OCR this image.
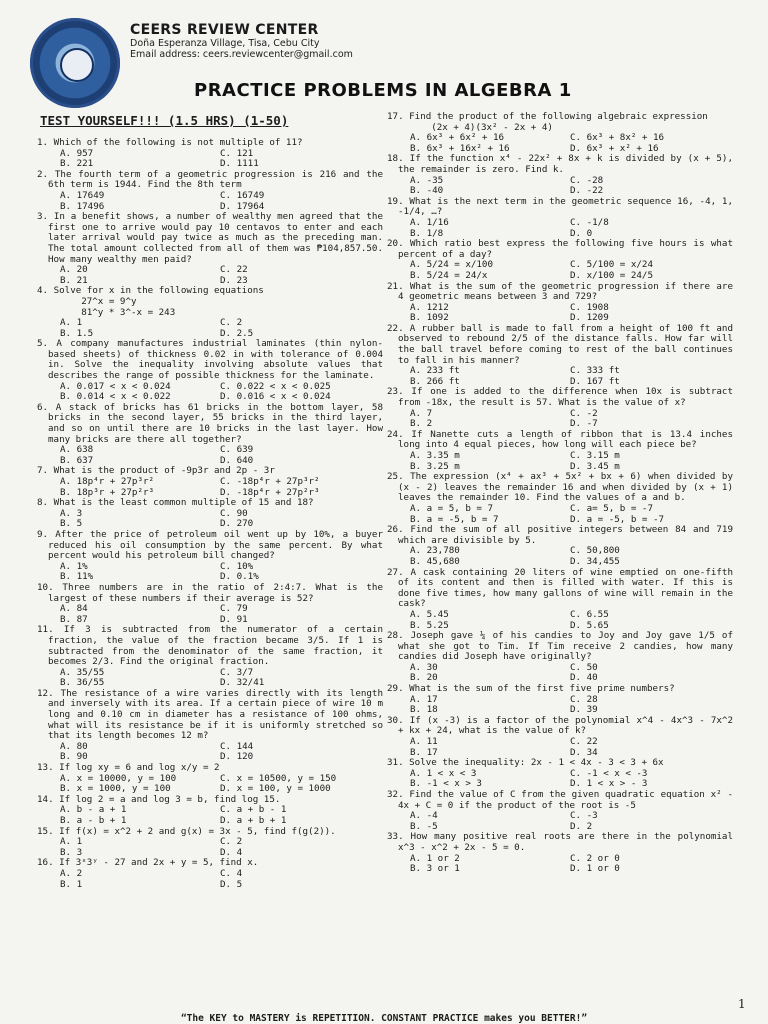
CEERS REVIEW CENTER
Doña Esperanza Village, Tisa, Cebu City
Email address: ceers.reviewcenter@gmail.com
PRACTICE PROBLEMS IN ALGEBRA 1
TEST YOURSELF!!! (1.5 HRS) (1-50)
1. Which of the following is not multiple of 11?
A. 957	C. 121
B. 221	D. 1111
2. The fourth term of a geometric progression is 216 and the 6th term is 1944. Find the 8th term
A. 17649	C. 16749
B. 17496	D. 17964
3. In a benefit shows, a number of wealthy men agreed that the first one to arrive would pay 10 centavos to enter and each later arrival would pay twice as much as the preceding man. The total amount collected from all of them was ₱104,857.50. How many wealthy men paid?
A. 20	C. 22
B. 21	D. 23
4. Solve for x in the following equations
27^x = 9^y
81^y * 3^-x = 243
A. 1	C. 2
B. 1.5	D. 2.5
5. A company manufactures industrial laminates (thin nylon-based sheets) of thickness 0.02 in with tolerance of 0.004 in. Solve the inequality involving absolute values that describes the range of possible thickness for the laminate.
A. 0.017 < x < 0.024	C. 0.022 < x < 0.025
B. 0.014 < x < 0.022	D. 0.016 < x < 0.024
6. A stack of bricks has 61 bricks in the bottom layer, 58 bricks in the second layer, 55 bricks in the third layer, and so on until there are 10 bricks in the last layer. How many bricks are there all together?
A. 638	C. 639
B. 637	D. 640
7. What is the product of -9p3r and 2p - 3r
A. 18p⁴r + 27p³r²	C. -18p⁴r + 27p³r²
B. 18p³r + 27p²r³	D. -18p⁴r + 27p²r³
8. What is the least common multiple of 15 and 18?
A. 3	C. 90
B. 5	D. 270
9. After the price of petroleum oil went up by 10%, a buyer reduced his oil consumption by the same percent. By what percent would his petroleum bill changed?
A. 1%	C. 10%
B. 11%	D. 0.1%
10. Three numbers are in the ratio of 2:4:7. What is the largest of these numbers if their average is 52?
A. 84	C. 79
B. 87	D. 91
11. If 3 is subtracted from the numerator of a certain fraction, the value of the fraction became 3/5. If 1 is subtracted from the denominator of the same fraction, it becomes 2/3. Find the original fraction.
A. 35/55	C. 3/7
B. 36/55	D. 32/41
12. The resistance of a wire varies directly with its length and inversely with its area. If a certain piece of wire 10 m long and 0.10 cm in diameter has a resistance of 100 ohms, what will its resistance be if it is uniformly stretched so that its length becomes 12 m?
A. 80	C. 144
B. 90	D. 120
13. If log xy = 6 and log x/y = 2
A. x = 10000, y = 100	C. x = 10500, y = 150
B. x = 1000, y = 100	D. x = 100, y = 1000
14. If log 2 = a and log 3 = b, find log 15.
A. b - a + 1	C. a + b - 1
B. a - b + 1	D. a + b + 1
15. If f(x) = x^2 + 2 and g(x) = 3x - 5, find f(g(2)).
A. 1	C. 2
B. 3	D. 4
16. If 3ˣ3ʸ - 27 and 2x + y = 5, find x.
A. 2	C. 4
B. 1	D. 5
17. Find the product of the following algebraic expression
(2x + 4)(3x² - 2x + 4)
A. 6x³ + 6x² + 16	C. 6x³ + 8x² + 16
B. 6x³ + 16x² + 16	D. 6x³ + x² + 16
18. If the function x⁴ - 22x² + 8x + k is divided by (x + 5), the remainder is zero. Find k.
A. -35	C. -28
B. -40	D. -22
19. What is the next term in the geometric sequence 16, -4, 1, -1/4, …?
A. 1/16	C. -1/8
B. 1/8	D. 0
20. Which ratio best express the following five hours is what percent of a day?
A. 5/24 = x/100	C. 5/100 = x/24
B. 5/24 = 24/x	D. x/100 = 24/5
21. What is the sum of the geometric progression if there are 4 geometric means between 3 and 729?
A. 1212	C. 1908
B. 1092	D. 1209
22. A rubber ball is made to fall from a height of 100 ft and observed to rebound 2/5 of the distance falls. How far will the ball travel before coming to rest of the ball continues to fall in his manner?
A. 233 ft	C. 333 ft
B. 266 ft	D. 167 ft
23. If one is added to the difference when 10x is subtract from -18x, the result is 57. What is the value of x?
A. 7	C. -2
B. 2	D. -7
24. If Nanette cuts a length of ribbon that is 13.4 inches long into 4 equal pieces, how long will each piece be?
A. 3.35 m	C. 3.15 m
B. 3.25 m	D. 3.45 m
25. The expression (x⁴ + ax³ + 5x² + bx + 6) when divided by (x - 2) leaves the remainder 16 and when divided by (x + 1) leaves the remainder 10. Find the values of a and b.
A. a = 5, b = 7	C. a= 5, b = -7
B. a = -5, b = 7	D. a = -5, b = -7
26. Find the sum of all positive integers between 84 and 719 which are divisible by 5.
A. 23,780	C. 50,800
B. 45,680	D. 34,455
27. A cask containing 20 liters of wine emptied on one-fifth of its content and then is filled with water. If this is done five times, how many gallons of wine will remain in the cask?
A. 5.45	C. 6.55
B. 5.25	D. 5.65
28. Joseph gave ¼ of his candies to Joy and Joy gave 1/5 of what she got to Tim. If Tim receive 2 candies, how many candies did Joseph have originally?
A. 30	C. 50
B. 20	D. 40
29. What is the sum of the first five prime numbers?
A. 17	C. 28
B. 18	D. 39
30. If (x -3) is a factor of the polynomial x^4 - 4x^3 - 7x^2 + kx + 24, what is the value of k?
A. 11	C. 22
B. 17	D. 34
31. Solve the inequality: 2x - 1 < 4x - 3 < 3 + 6x
A. 1 < x < 3	C. -1 < x < -3
B. -1 < x > 3	D. 1 < x > - 3
32. Find the value of C from the given quadratic equation x² - 4x + C = 0 if the product of the root is -5
A. -4	C. -3
B. -5	D. 2
33. How many positive real roots are there in the polynomial x^3 - x^2 + 2x - 5 = 0.
A. 1 or 2	C. 2 or 0
B. 3 or 1	D. 1 or 0
1
“The KEY to MASTERY is REPETITION. CONSTANT PRACTICE makes you BETTER!”
